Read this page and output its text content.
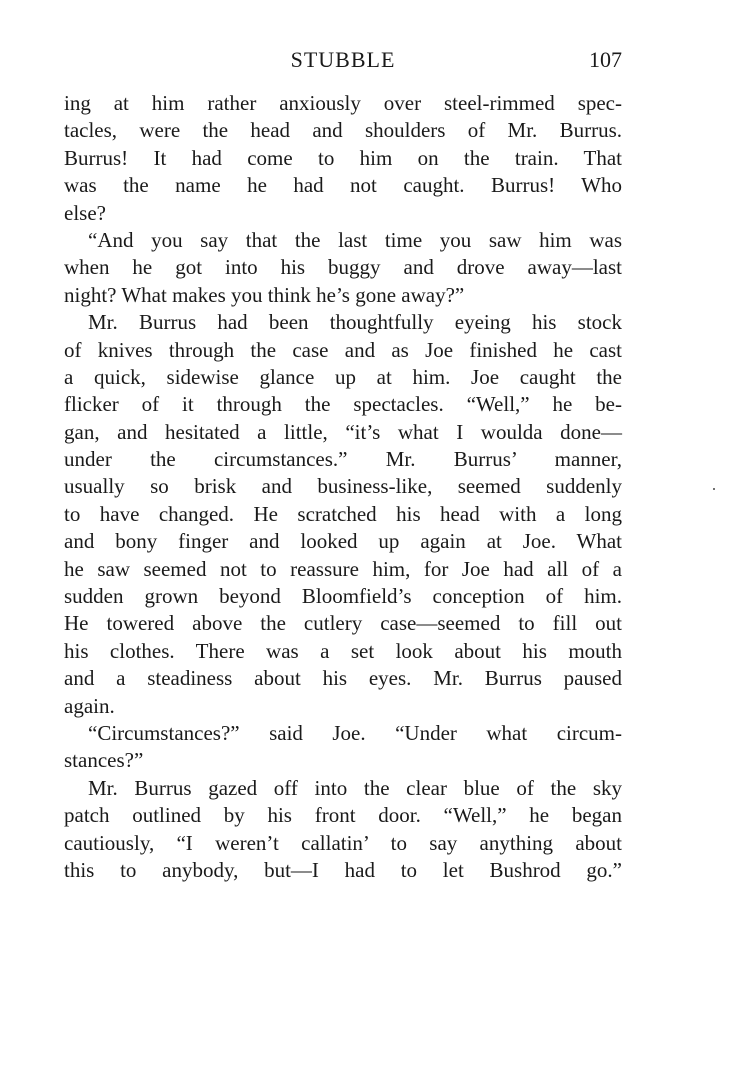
STUBBLE	107
ing at him rather anxiously over steel-rimmed spec-
tacles, were the head and shoulders of Mr. Burrus.
Burrus! It had come to him on the train. That
was the name he had not caught. Burrus! Who
else?
“And you say that the last time you saw him was
when he got into his buggy and drove away—last
night? What makes you think he’s gone away?”
Mr. Burrus had been thoughtfully eyeing his stock
of knives through the case and as Joe finished he cast
a quick, sidewise glance up at him. Joe caught the
flicker of it through the spectacles. “Well,” he be-
gan, and hesitated a little, “it’s what I woulda done—
under the circumstances.” Mr. Burrus’ manner,
usually so brisk and business-like, seemed suddenly
to have changed. He scratched his head with a long
and bony finger and looked up again at Joe. What
he saw seemed not to reassure him, for Joe had all of a
sudden grown beyond Bloomfield’s conception of him.
He towered above the cutlery case—seemed to fill out
his clothes. There was a set look about his mouth
and a steadiness about his eyes. Mr. Burrus paused
again.
“Circumstances?” said Joe. “Under what circum-
stances?”
Mr. Burrus gazed off into the clear blue of the sky
patch outlined by his front door. “Well,” he began
cautiously, “I weren’t callatin’ to say anything about
this to anybody, but—I had to let Bushrod go.”
